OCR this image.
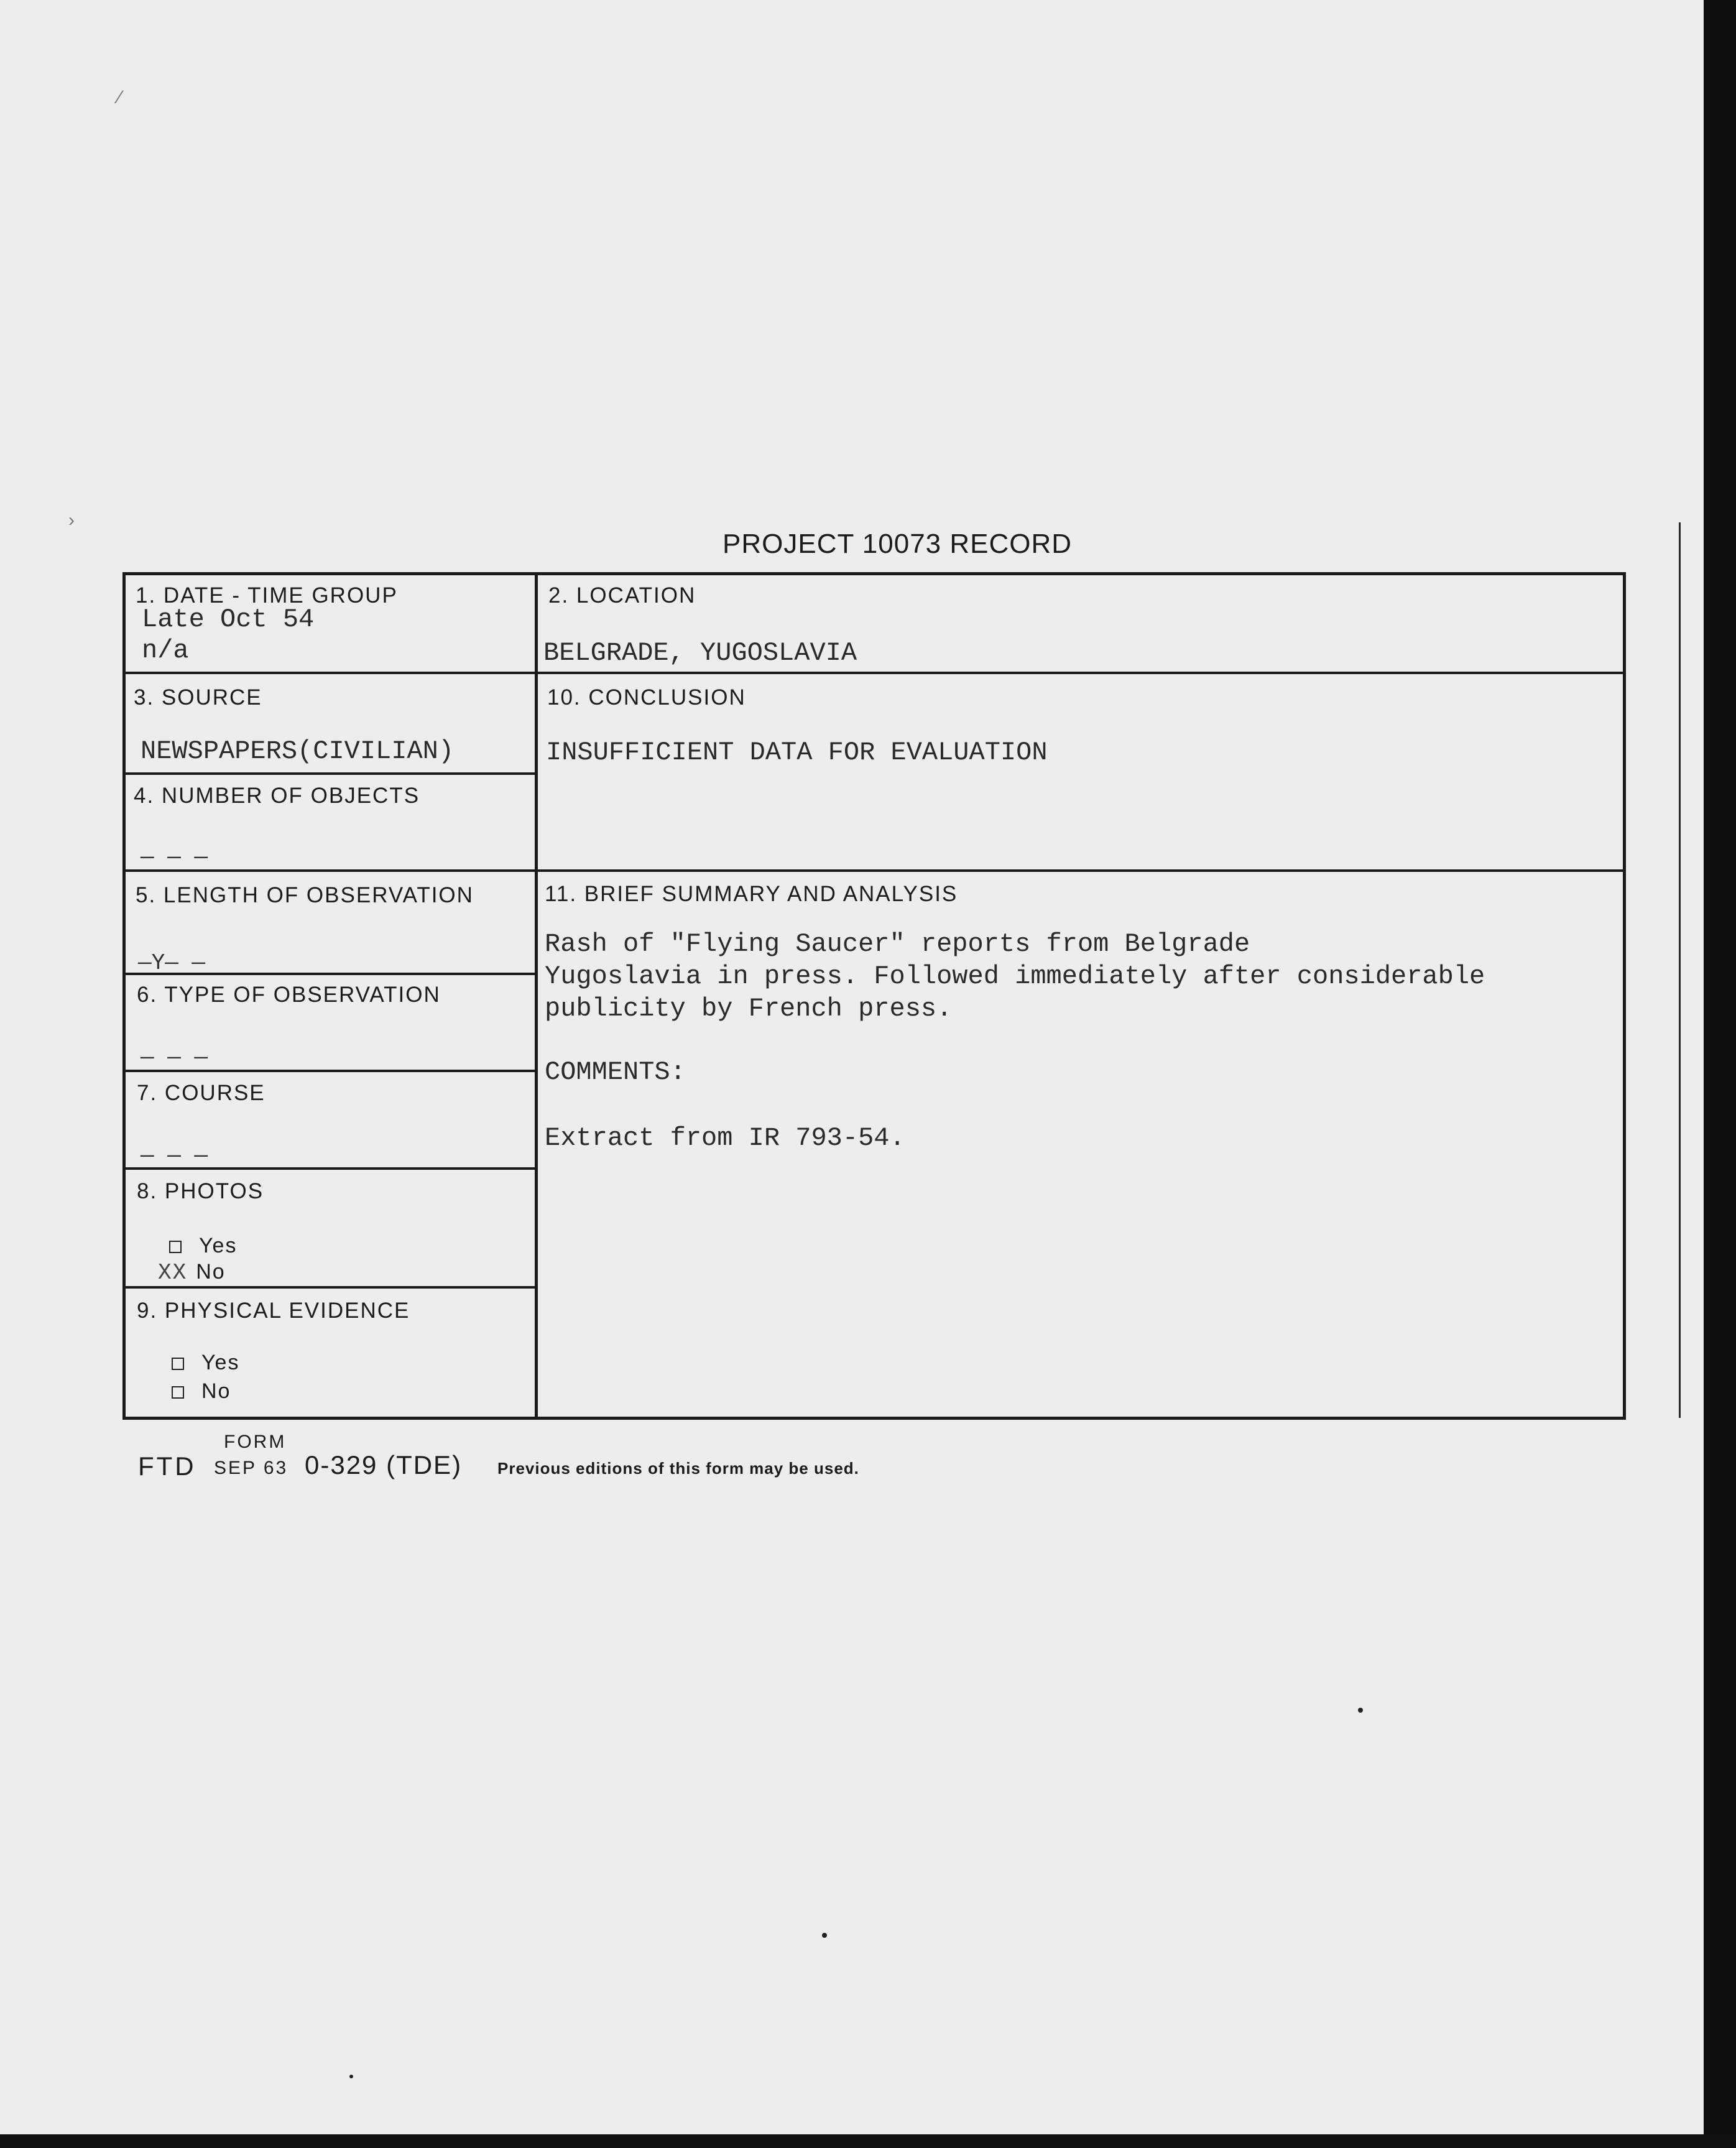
⁄
›
PROJECT 10073 RECORD
1. DATE - TIME GROUP
Late Oct 54
n/a
2. LOCATION
BELGRADE, YUGOSLAVIA
3. SOURCE
NEWSPAPERS(CIVILIAN)
10. CONCLUSION
INSUFFICIENT DATA FOR EVALUATION
4. NUMBER OF OBJECTS
— — —
5. LENGTH OF OBSERVATION
—Y— —
6. TYPE OF OBSERVATION
— — —
7. COURSE
— — —
8. PHOTOS
Yes
XX No
9. PHYSICAL EVIDENCE
Yes
No
11. BRIEF SUMMARY AND ANALYSIS
Rash of "Flying Saucer" reports from Belgrade
Yugoslavia in press. Followed immediately after considerable
publicity by French press.
COMMENTS:
Extract from IR 793-54.
FORM
FTD SEP 63 0-329 (TDE) Previous editions of this form may be used.
